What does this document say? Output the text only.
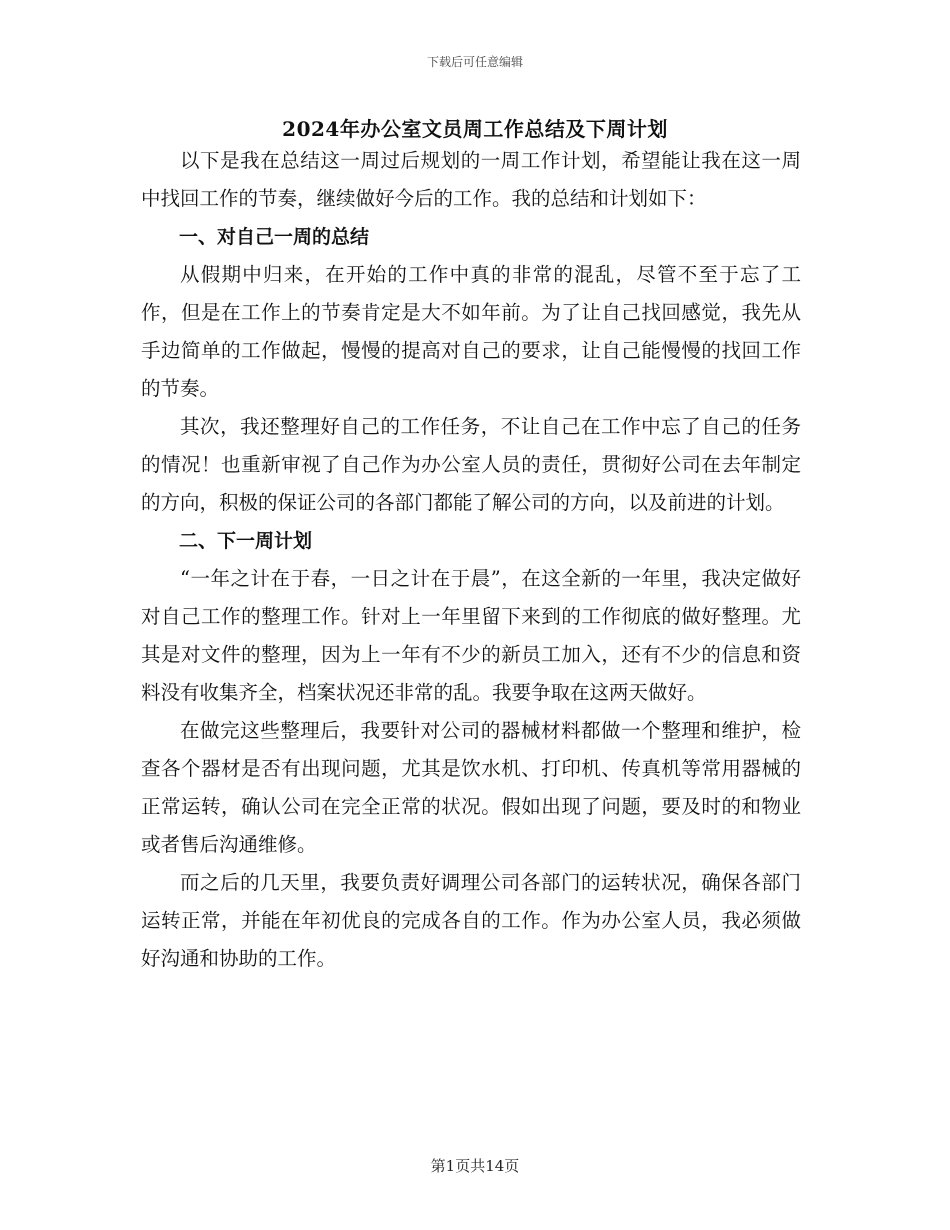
下载后可任意编辑
2024年办公室文员周工作总结及下周计划

以下是我在总结这一周过后规划的一周工作计划，希望能让我在这一周中找回工作的节奏，继续做好今后的工作。我的总结和计划如下：

一、对自己一周的总结

从假期中归来，在开始的工作中真的非常的混乱，尽管不至于忘了工作，但是在工作上的节奏肯定是大不如年前。为了让自己找回感觉，我先从手边简单的工作做起，慢慢的提高对自己的要求，让自己能慢慢的找回工作的节奏。

其次，我还整理好自己的工作任务，不让自己在工作中忘了自己的任务的情况！也重新审视了自己作为办公室人员的责任，贯彻好公司在去年制定的方向，积极的保证公司的各部门都能了解公司的方向，以及前进的计划。

二、下一周计划

“一年之计在于春，一日之计在于晨”，在这全新的一年里，我决定做好对自己工作的整理工作。针对上一年里留下来到的工作彻底的做好整理。尤其是对文件的整理，因为上一年有不少的新员工加入，还有不少的信息和资料没有收集齐全，档案状况还非常的乱。我要争取在这两天做好。

在做完这些整理后，我要针对公司的器械材料都做一个整理和维护，检查各个器材是否有出现问题，尤其是饮水机、打印机、传真机等常用器械的正常运转，确认公司在完全正常的状况。假如出现了问题，要及时的和物业或者售后沟通维修。

而之后的几天里，我要负责好调理公司各部门的运转状况，确保各部门运转正常，并能在年初优良的完成各自的工作。作为办公室人员，我必须做好沟通和协助的工作。

第1页共14页
